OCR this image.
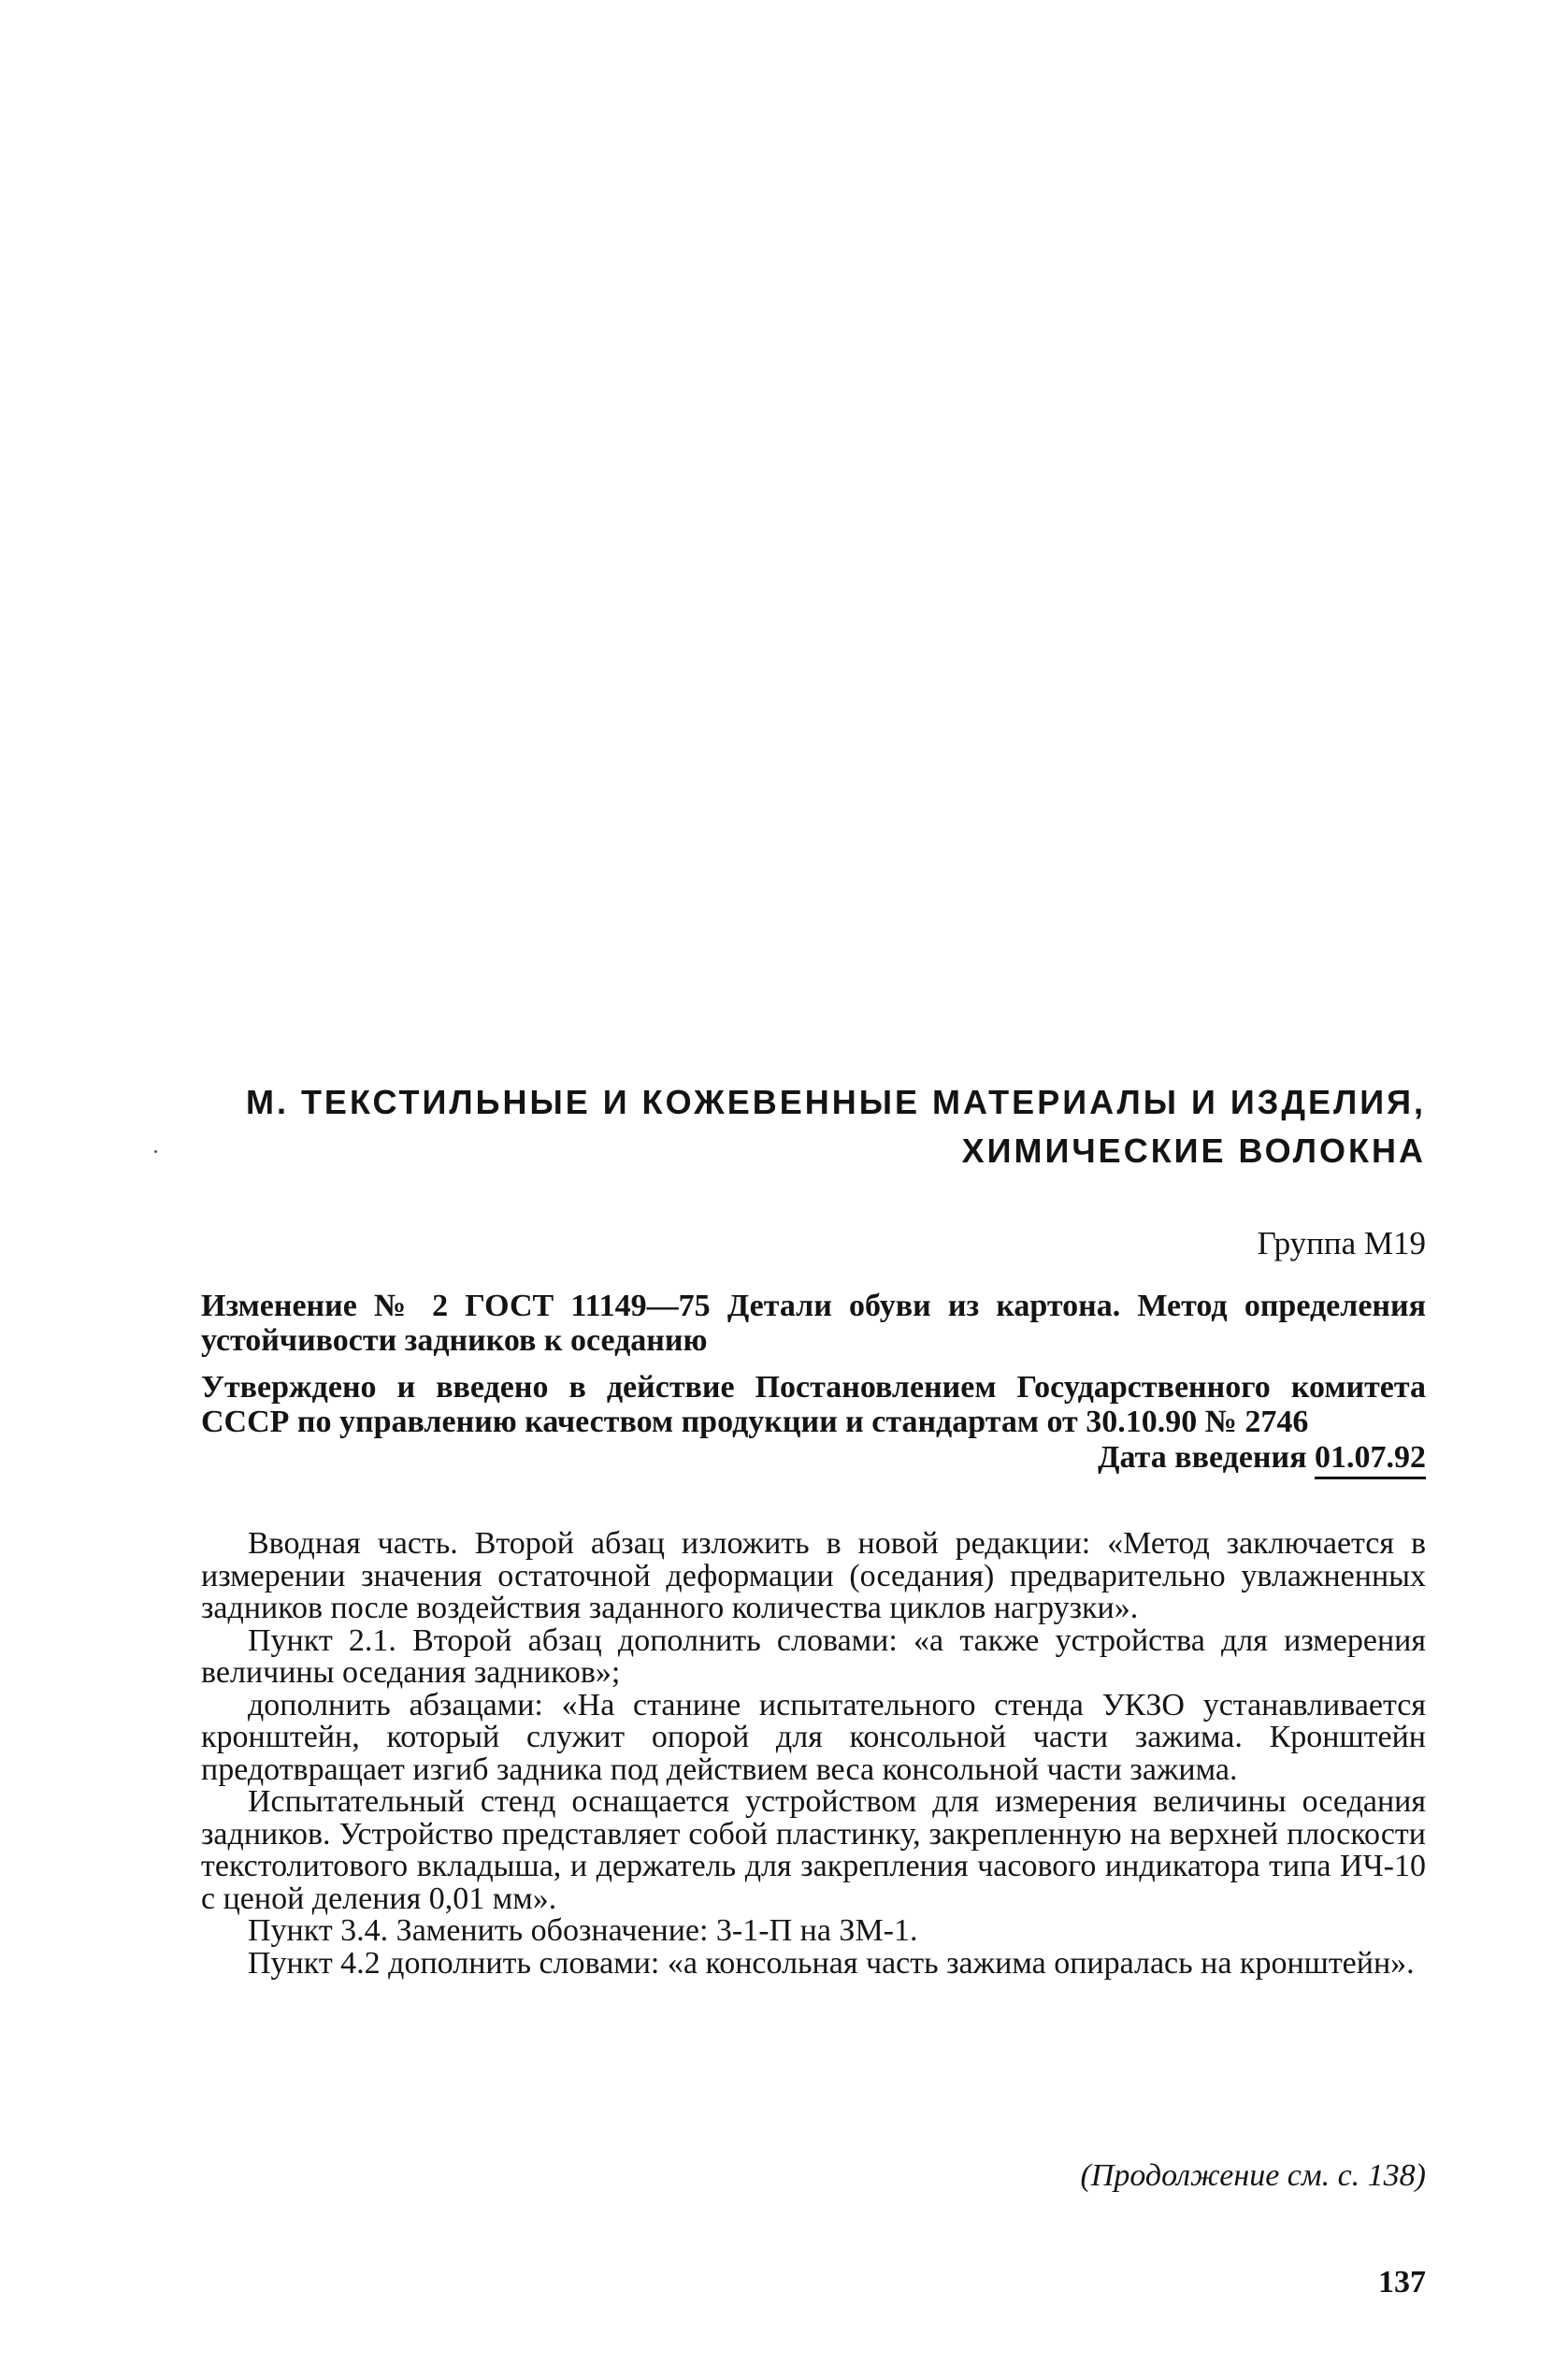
М. ТЕКСТИЛЬНЫЕ И КОЖЕВЕННЫЕ МАТЕРИАЛЫ И ИЗДЕЛИЯ,
ХИМИЧЕСКИЕ ВОЛОКНА
Группа М19
Изменение № 2 ГОСТ 11149—75 Детали обуви из картона. Метод определения устойчивости задников к оседанию
Утверждено и введено в действие Постановлением Государственного комитета СССР по управлению качеством продукции и стандартам от 30.10.90 № 2746
Дата введения 01.07.92

Вводная часть. Второй абзац изложить в новой редакции: «Метод заключается в измерении значения остаточной деформации (оседания) предварительно увлажненных задников после воздействия заданного количества циклов нагрузки».

Пункт 2.1. Второй абзац дополнить словами: «а также устройства для измерения величины оседания задников»;

дополнить абзацами: «На станине испытательного стенда УКЗО устанавливается кронштейн, который служит опорой для консольной части зажима. Кронштейн предотвращает изгиб задника под действием веса консольной части зажима.

Испытательный стенд оснащается устройством для измерения величины оседания задников. Устройство представляет собой пластинку, закрепленную на верхней плоскости текстолитового вкладыша, и держатель для закрепления часового индикатора типа ИЧ-10 с ценой деления 0,01 мм».

Пункт 3.4. Заменить обозначение: 3-1-П на ЗМ-1.

Пункт 4.2 дополнить словами: «а консольная часть зажима опиралась на кронштейн».

(Продолжение см. с. 138)
137
